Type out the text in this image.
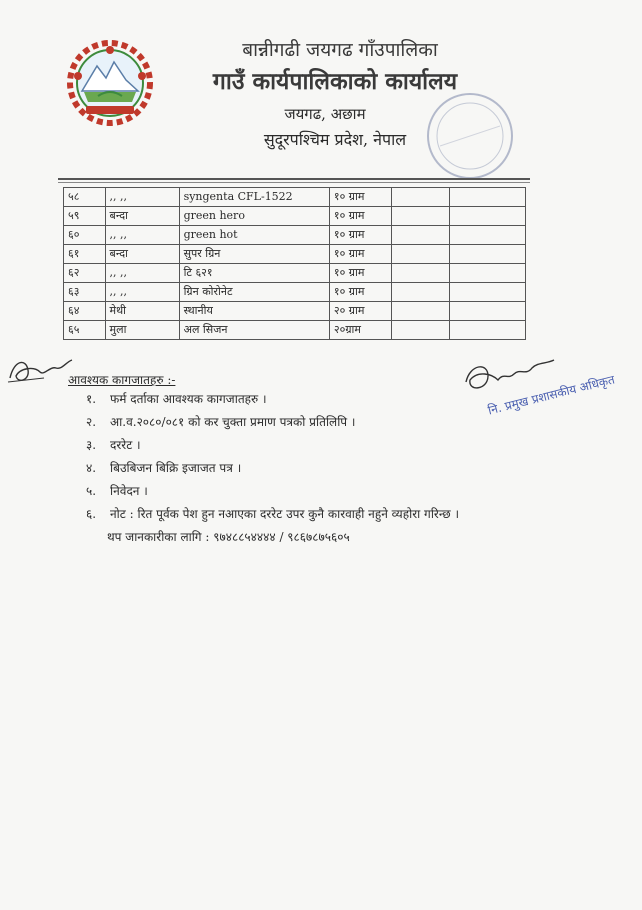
बान्नीगढी जयगढ गाँउपालिका
गाउँ कार्यपालिकाको कार्यालय
जयगढ, अछाम
सुदूरपश्चिम प्रदेश, नेपाल
५८	,, ,,	syngenta CFL-1522	१० ग्राम		
५९	बन्दा	green hero	१० ग्राम		
६०	,, ,,	green hot	१० ग्राम		
६१	बन्दा	सुपर ग्रिन	१० ग्राम		
६२	,, ,,	टि ६२१	१० ग्राम		
६३	,, ,,	ग्रिन कोरोनेट	१० ग्राम		
६४	मेथी	स्थानीय	२० ग्राम		
६५	मुला	अल सिजन	२०ग्राम		
नि. प्रमुख प्रशासकीय अधिकृत
आवश्यक कागजातहरु :-
१. फर्म दर्ताका आवश्यक कागजातहरु ।
२. आ.व.२०८०/०८१ को कर चुक्ता प्रमाण पत्रको प्रतिलिपि ।
३. दररेट ।
४. बिउबिजन बिक्रि इजाजत पत्र ।
५. निवेदन ।
६. नोट : रित पूर्वक पेश हुन नआएका दररेट उपर कुनै कारवाही नहुने व्यहोरा गरिन्छ ।
थप जानकारीका लागि : ९७४८८५४४४४ / ९८६७८७५६०५
